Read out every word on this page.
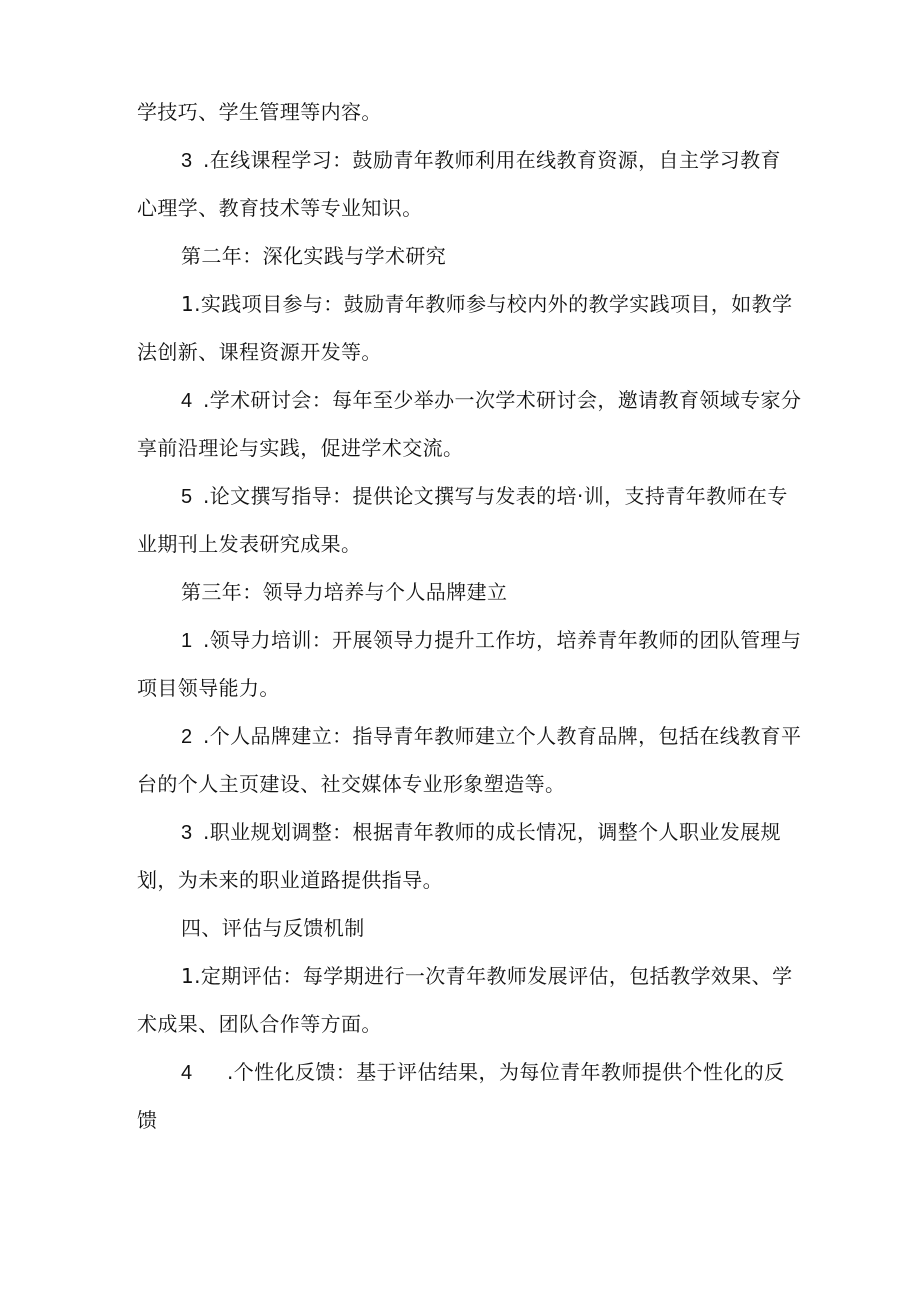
学技巧、学生管理等内容。
3 .在线课程学习：鼓励青年教师利用在线教育资源，自主学习教育
心理学、教育技术等专业知识。
第二年：深化实践与学术研究
1.实践项目参与：鼓励青年教师参与校内外的教学实践项目，如教学
法创新、课程资源开发等。
4 .学术研讨会：每年至少举办一次学术研讨会，邀请教育领域专家分
享前沿理论与实践，促进学术交流。
5 .论文撰写指导：提供论文撰写与发表的培·训，支持青年教师在专
业期刊上发表研究成果。
第三年：领导力培养与个人品牌建立
1 .领导力培训：开展领导力提升工作坊，培养青年教师的团队管理与
项目领导能力。
2 .个人品牌建立：指导青年教师建立个人教育品牌，包括在线教育平
台的个人主页建设、社交媒体专业形象塑造等。
3 .职业规划调整：根据青年教师的成长情况，调整个人职业发展规
划，为未来的职业道路提供指导。
四、评估与反馈机制
1.定期评估：每学期进行一次青年教师发展评估，包括教学效果、学
术成果、团队合作等方面。
4 .个性化反馈：基于评估结果，为每位青年教师提供个性化的反
馈
